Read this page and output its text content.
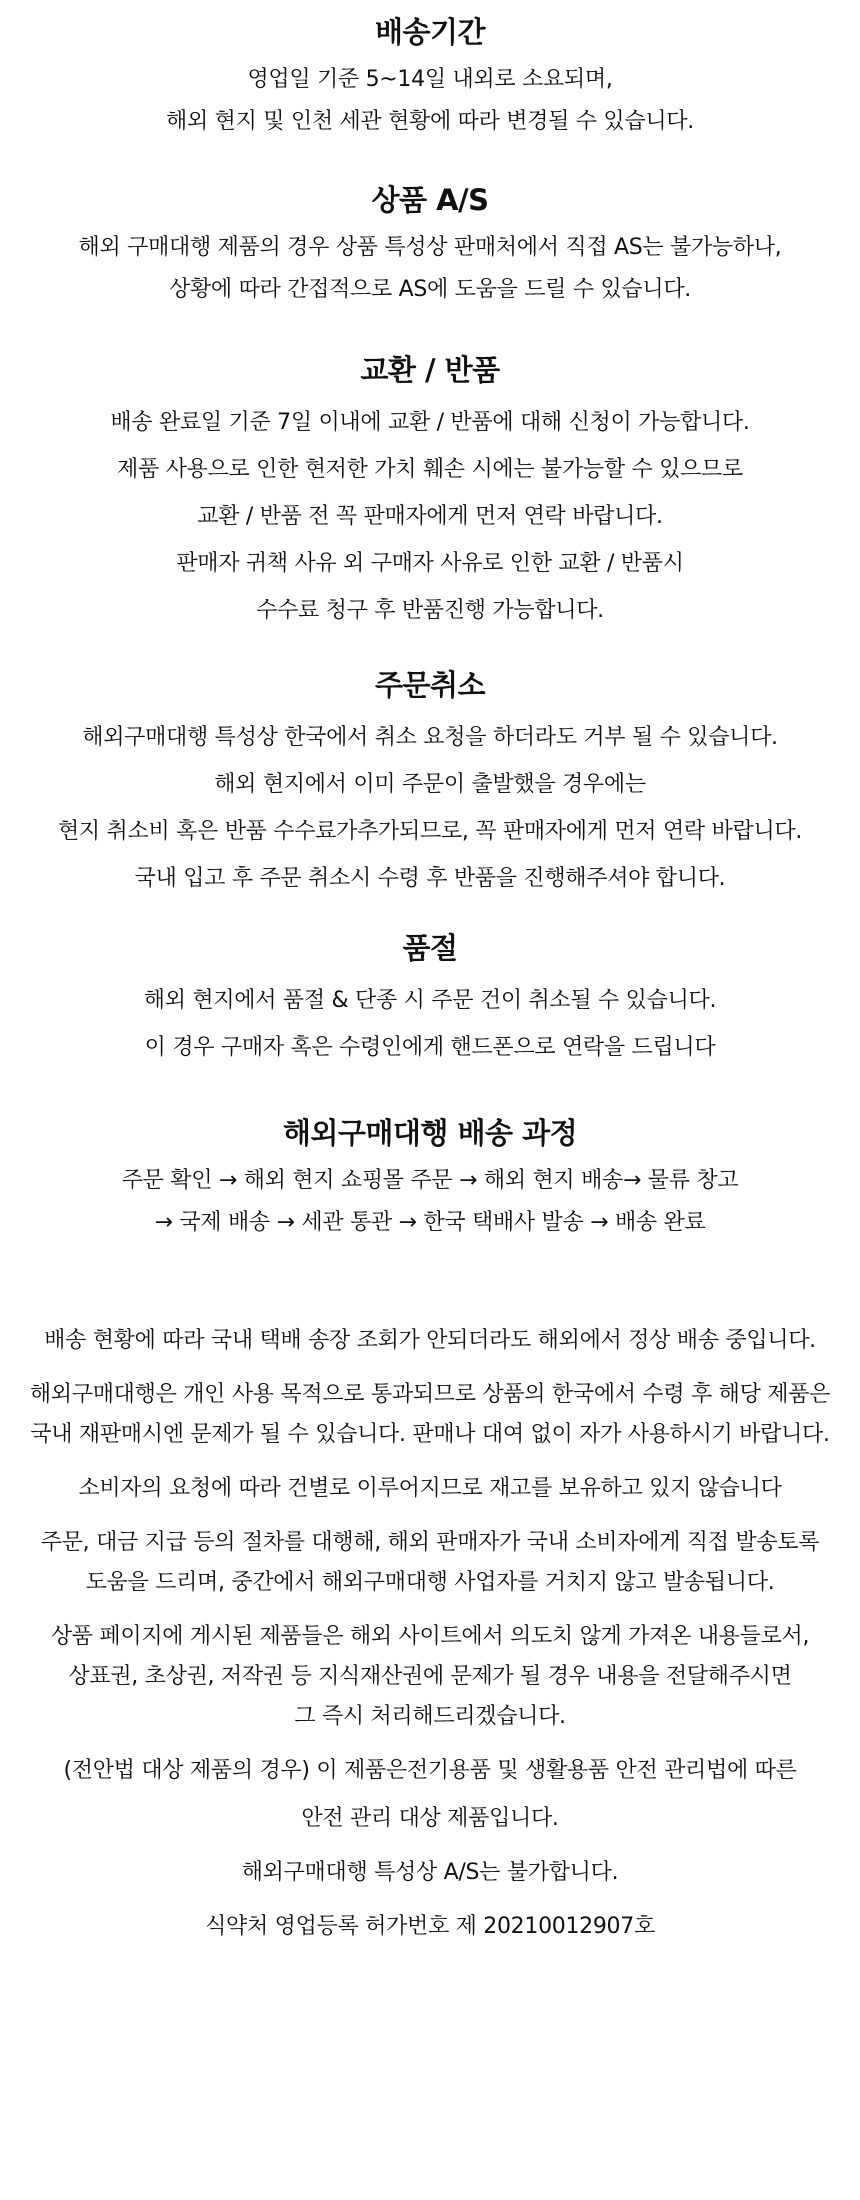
배송기간

영업일 기준 5~14일 내외로 소요되며,

해외 현지 및 인천 세관 현황에 따라 변경될 수 있습니다.

상품 A/S

해외 구매대행 제품의 경우 상품 특성상 판매처에서 직접 AS는 불가능하나,

상황에 따라 간접적으로 AS에 도움을 드릴 수 있습니다.

교환 / 반품

배송 완료일 기준 7일 이내에 교환 / 반품에 대해 신청이 가능합니다.

제품 사용으로 인한 현저한 가치 훼손 시에는 불가능할 수 있으므로

교환 / 반품 전 꼭 판매자에게 먼저 연락 바랍니다.

판매자 귀책 사유 외 구매자 사유로 인한 교환 / 반품시

수수료 청구 후 반품진행 가능합니다.

주문취소

해외구매대행 특성상 한국에서 취소 요청을 하더라도 거부 될 수 있습니다.

해외 현지에서 이미 주문이 출발했을 경우에는

현지 취소비 혹은 반품 수수료가추가되므로, 꼭 판매자에게 먼저 연락 바랍니다.

국내 입고 후 주문 취소시 수령 후 반품을 진행해주셔야 합니다.

품절

해외 현지에서 품절 & 단종 시 주문 건이 취소될 수 있습니다.

이 경우 구매자 혹은 수령인에게 핸드폰으로 연락을 드립니다

해외구매대행 배송 과정

주문 확인 → 해외 현지 쇼핑몰 주문 → 해외 현지 배송→ 물류 창고

→ 국제 배송 → 세관 통관 → 한국 택배사 발송 → 배송 완료

배송 현황에 따라 국내 택배 송장 조회가 안되더라도 해외에서 정상 배송 중입니다.

해외구매대행은 개인 사용 목적으로 통과되므로 상품의 한국에서 수령 후 해당 제품은

국내 재판매시엔 문제가 될 수 있습니다. 판매나 대여 없이 자가 사용하시기 바랍니다.

소비자의 요청에 따라 건별로 이루어지므로 재고를 보유하고 있지 않습니다

주문, 대금 지급 등의 절차를 대행해, 해외 판매자가 국내 소비자에게 직접 발송토록

도움을 드리며, 중간에서 해외구매대행 사업자를 거치지 않고 발송됩니다.

상품 페이지에 게시된 제품들은 해외 사이트에서 의도치 않게 가져온 내용들로서,

상표권, 초상권, 저작권 등 지식재산권에 문제가 될 경우 내용을 전달해주시면

그 즉시 처리해드리겠습니다.

(전안법 대상 제품의 경우) 이 제품은전기용품 및 생활용품 안전 관리법에 따른

안전 관리 대상 제품입니다.

해외구매대행 특성상 A/S는 불가합니다.

식약처 영업등록 허가번호 제 20210012907호
